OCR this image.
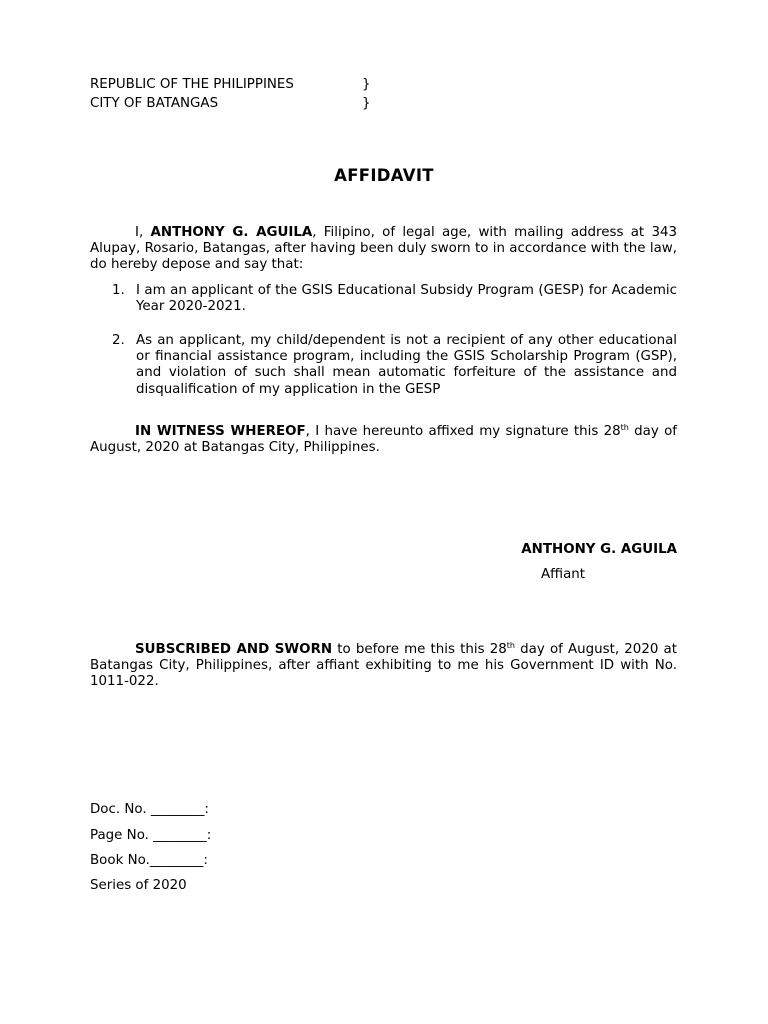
REPUBLIC OF THE PHILIPPINES	}
CITY OF BATANGAS	}
AFFIDAVIT
I, ANTHONY G. AGUILA, Filipino, of legal age, with mailing address at 343 Alupay, Rosario, Batangas, after having been duly sworn to in accordance with the law, do hereby depose and say that:
1. I am an applicant of the GSIS Educational Subsidy Program (GESP) for Academic Year 2020-2021.
2. As an applicant, my child/dependent is not a recipient of any other educational or financial assistance program, including the GSIS Scholarship Program (GSP), and violation of such shall mean automatic forfeiture of the assistance and disqualification of my application in the GESP
IN WITNESS WHEREOF, I have hereunto affixed my signature this 28th day of August, 2020 at Batangas City, Philippines.
ANTHONY G. AGUILA
Affiant
SUBSCRIBED AND SWORN to before me this this 28th day of August, 2020 at Batangas City, Philippines, after affiant exhibiting to me his Government ID with No. 1011-022.
Doc. No. ________:
Page No. ________:
Book No.________:
Series of 2020
